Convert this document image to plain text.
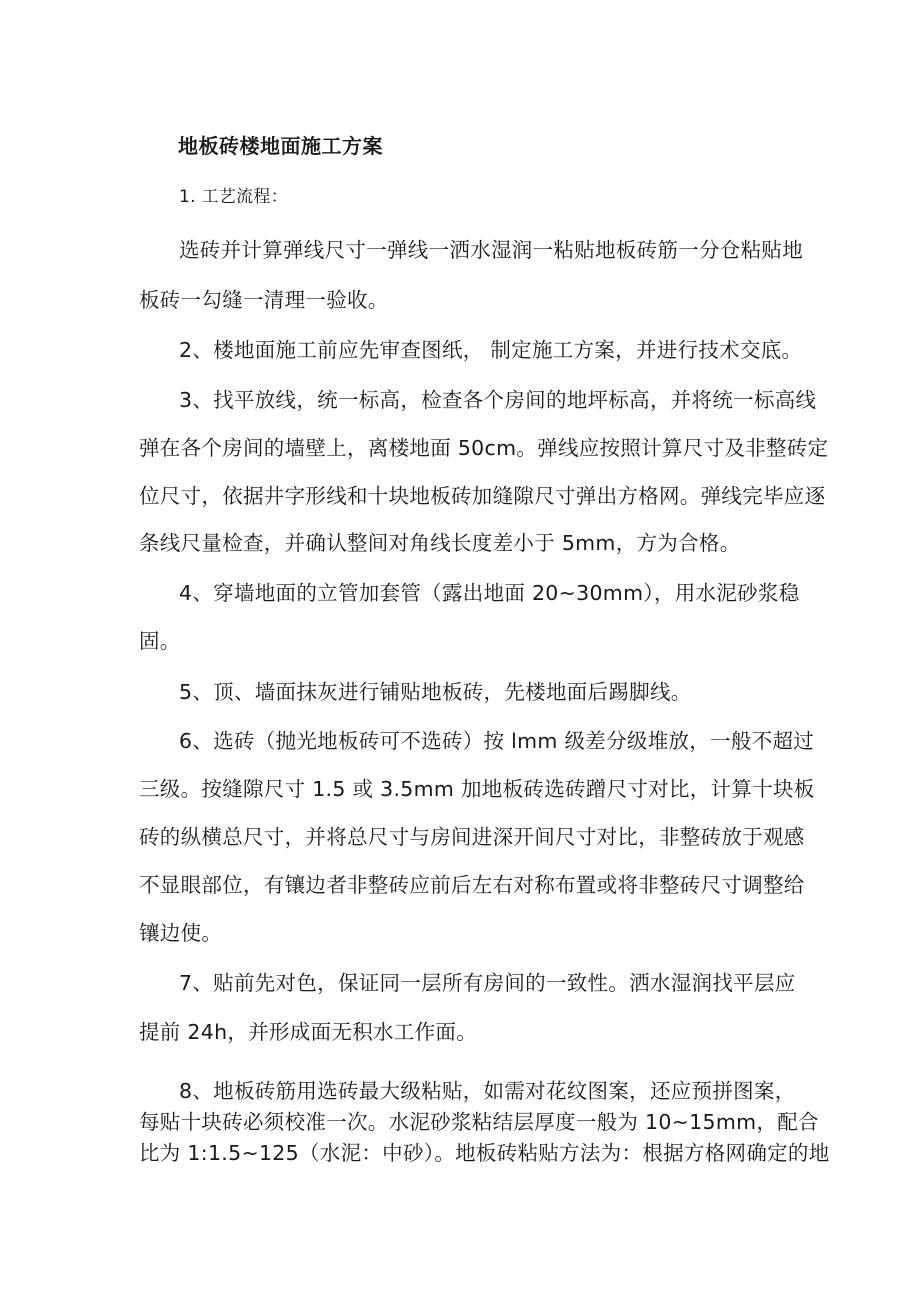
地板砖楼地面施工方案
1. 工艺流程：
选砖并计算弹线尺寸一弹线一洒水湿润一粘贴地板砖筋一分仓粘贴地
板砖一勾缝一清理一验收。
2、楼地面施工前应先审查图纸， 制定施工方案，并进行技术交底。
3、找平放线，统一标高，检查各个房间的地坪标高，并将统一标高线
弹在各个房间的墙壁上，离楼地面 50cm。弹线应按照计算尺寸及非整砖定
位尺寸，依据井字形线和十块地板砖加缝隙尺寸弹出方格网。弹线完毕应逐
条线尺量检查，并确认整间对角线长度差小于 5mm，方为合格。
4、穿墙地面的立管加套管（露出地面 20~30mm），用水泥砂浆稳
固。
5、顶、墙面抹灰进行铺贴地板砖，先楼地面后踢脚线。
6、选砖（抛光地板砖可不选砖）按 lmm 级差分级堆放，一般不超过
三级。按缝隙尺寸 1.5 或 3.5mm 加地板砖选砖蹭尺寸对比，计算十块板
砖的纵横总尺寸，并将总尺寸与房间进深开间尺寸对比，非整砖放于观感
不显眼部位，有镶边者非整砖应前后左右对称布置或将非整砖尺寸调整给
镶边使。
7、贴前先对色，保证同一层所有房间的一致性。洒水湿润找平层应
提前 24h，并形成面无积水工作面。
8、地板砖筋用选砖最大级粘贴，如需对花纹图案，还应预拼图案，
每贴十块砖必须校准一次。水泥砂浆粘结层厚度一般为 10~15mm，配合
比为 1:1.5~125（水泥：中砂）。地板砖粘贴方法为：根据方格网确定的地
